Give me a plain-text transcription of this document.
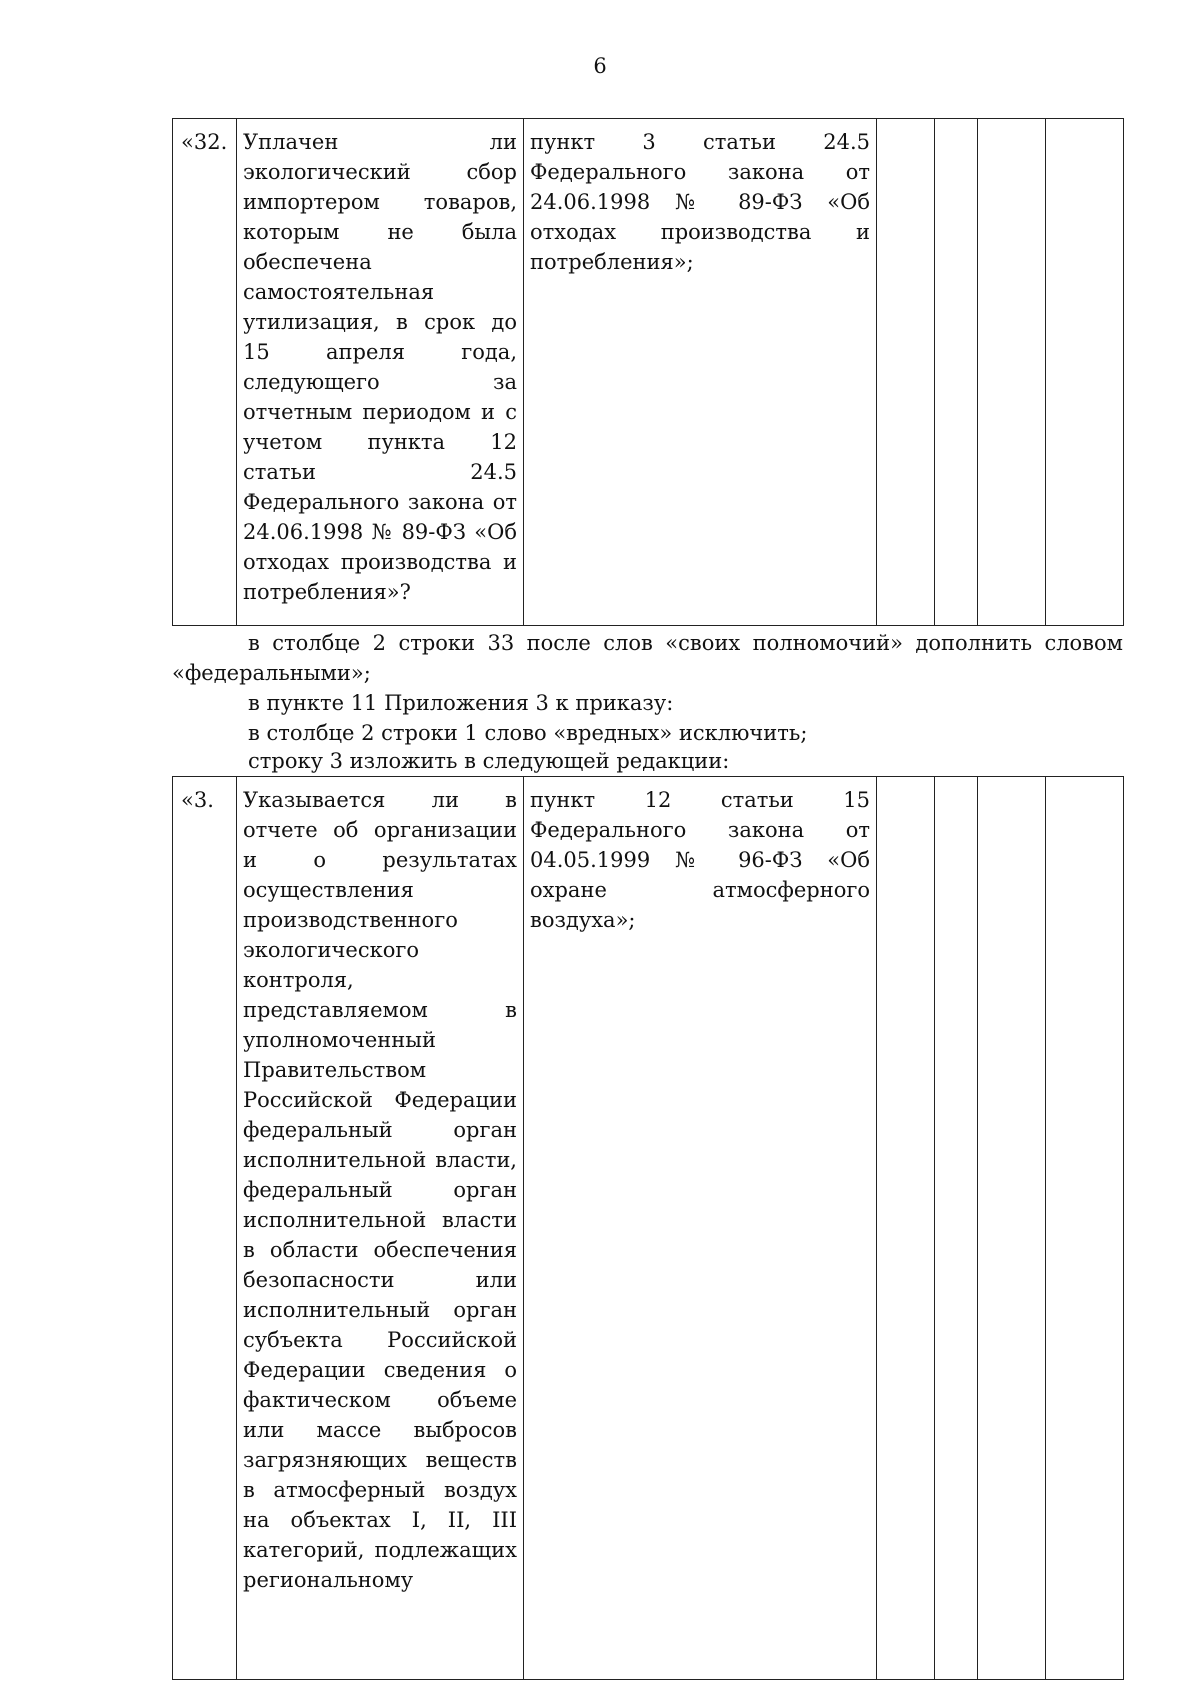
6
«32.	Уплачен ли экологический сбор импортером товаров, которым не была обеспечена самостоятельная утилизация, в срок до 15 апреля года, следующего за отчетным периодом и с учетом пункта 12 статьи 24.5 Федерального закона от 24.06.1998 № 89-ФЗ «Об отходах производства и потребления»?	пункт 3 статьи 24.5 Федерального закона от 24.06.1998 № 89-ФЗ «Об отходах производства и потребления»;				
в столбце 2 строки 33 после слов «своих полномочий» дополнить словом «федеральными»;
в пункте 11 Приложения 3 к приказу:
в столбце 2 строки 1 слово «вредных» исключить;
строку 3 изложить в следующей редакции:
«3.	Указывается ли в отчете об организации и о результатах осуществления производственного экологического контроля, представляемом в уполномоченный Правительством Российской Федерации федеральный орган исполнительной власти, федеральный орган исполнительной власти в области обеспечения безопасности или исполнительный орган субъекта Российской Федерации сведения о фактическом объеме или массе выбросов загрязняющих веществ в атмосферный воздух на объектах I, II, III категорий, подлежащих региональному	пункт 12 статьи 15 Федерального закона от 04.05.1999 № 96-ФЗ «Об охране атмосферного воздуха»;				
